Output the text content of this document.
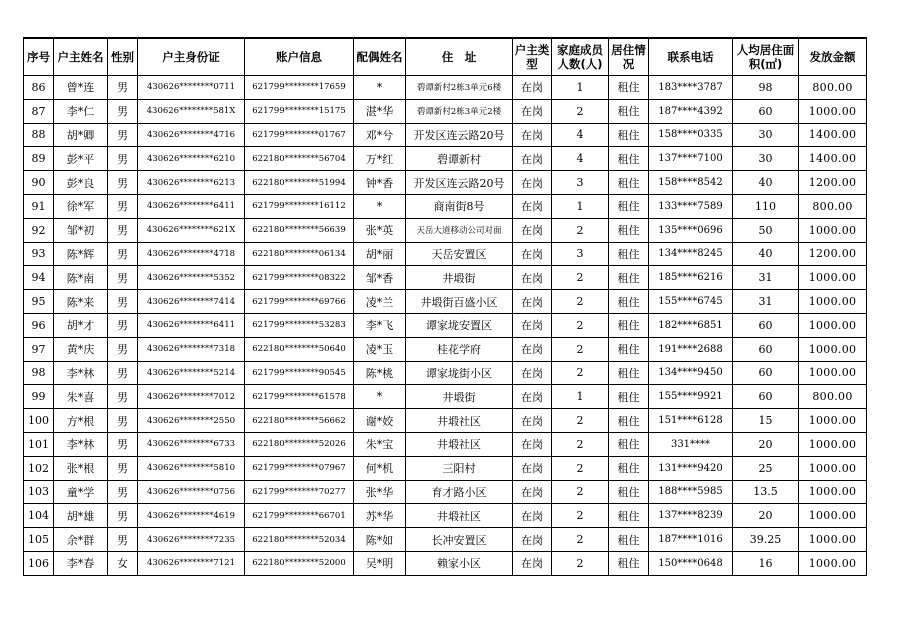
序号	户主姓名	性别	户主身份证	账户信息	配偶姓名	住　址	户主类型	家庭成员人数(人)	居住情况	联系电话	人均居住面积(㎡)	发放金额
86	曾*连	男	430626********0711	621799********17659	*	碧谭新村2栋3单元6楼	在岗	1	租住	183****3787	98	800.00
87	李*仁	男	430626********581X	621799********15175	湛*华	碧谭新村2栋3单元2楼	在岗	2	租住	187****4392	60	1000.00
88	胡*卿	男	430626********4716	621799********01767	邓*兮	开发区连云路20号	在岗	4	租住	158****0335	30	1400.00
89	彭*平	男	430626********6210	622180********56704	万*红	碧谭新村	在岗	4	租住	137****7100	30	1400.00
90	彭*良	男	430626********6213	622180********51994	钟*香	开发区连云路20号	在岗	3	租住	158****8542	40	1200.00
91	徐*军	男	430626********6411	621799********16112	*	商南街8号	在岗	1	租住	133****7589	110	800.00
92	邹*初	男	430626********621X	622180********56639	张*英	天岳大道移动公司对面	在岗	2	租住	135****0696	50	1000.00
93	陈*辉	男	430626********4718	622180********06134	胡*丽	天岳安置区	在岗	3	租住	134****8245	40	1200.00
94	陈*南	男	430626********5352	621799********08322	邹*香	井塅街	在岗	2	租住	185****6216	31	1000.00
95	陈*来	男	430626********7414	621799********69766	凌*兰	井塅街百盛小区	在岗	2	租住	155****6745	31	1000.00
96	胡*才	男	430626********6411	621799********53283	李*飞	谭家垅安置区	在岗	2	租住	182****6851	60	1000.00
97	黄*庆	男	430626********7318	622180********50640	凌*玉	桂花学府	在岗	2	租住	191****2688	60	1000.00
98	李*林	男	430626********5214	621799********90545	陈*桃	谭家垅街小区	在岗	2	租住	134****9450	60	1000.00
99	朱*喜	男	430626********7012	621799********61578	*	井塅街	在岗	1	租住	155****9921	60	800.00
100	方*根	男	430626********2550	622180********56662	谢*姣	井塅社区	在岗	2	租住	151****6128	15	1000.00
101	李*林	男	430626********6733	622180********52026	朱*宝	井塅社区	在岗	2	租住	331****	20	1000.00
102	张*根	男	430626********5810	621799********07967	何*机	三阳村	在岗	2	租住	131****9420	25	1000.00
103	童*学	男	430626********0756	621799********70277	张*华	育才路小区	在岗	2	租住	188****5985	13.5	1000.00
104	胡*雄	男	430626********4619	621799********66701	苏*华	井塅社区	在岗	2	租住	137****8239	20	1000.00
105	余*群	男	430626********7235	622180********52034	陈*如	长冲安置区	在岗	2	租住	187****1016	39.25	1000.00
106	李*春	女	430626********7121	622180********52000	吴*明	赖家小区	在岗	2	租住	150****0648	16	1000.00
